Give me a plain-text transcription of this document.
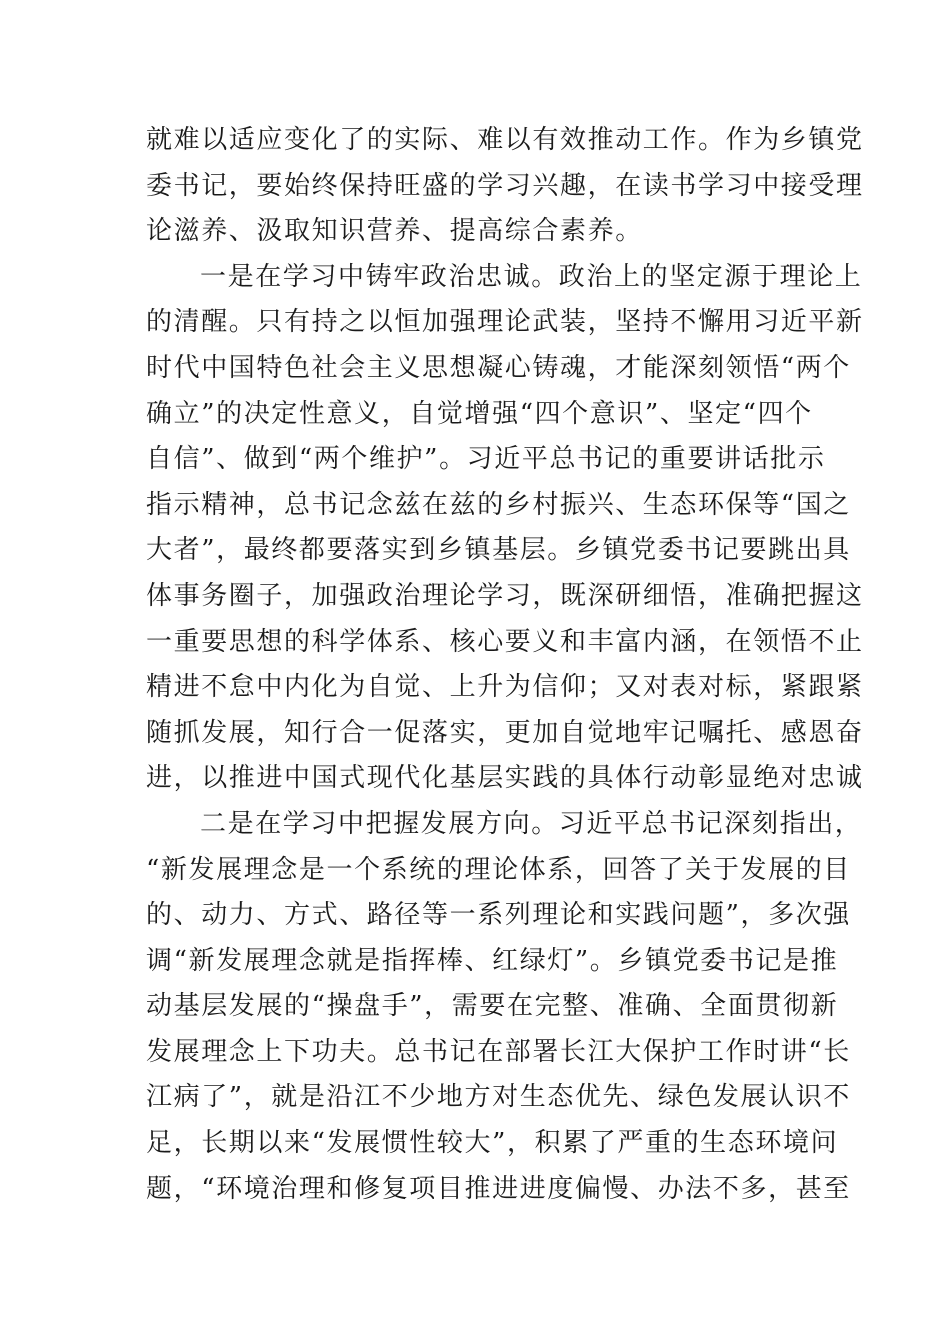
就难以适应变化了的实际、难以有效推动工作。作为乡镇党
委书记，要始终保持旺盛的学习兴趣，在读书学习中接受理
论滋养、汲取知识营养、提高综合素养。
一是在学习中铸牢政治忠诚。政治上的坚定源于理论上
的清醒。只有持之以恒加强理论武装，坚持不懈用习近平新
时代中国特色社会主义思想凝心铸魂，才能深刻领悟“两个
确立”的决定性意义，自觉增强“四个意识”、坚定“四个
自信”、做到“两个维护”。习近平总书记的重要讲话批示
指示精神，总书记念兹在兹的乡村振兴、生态环保等“国之
大者”，最终都要落实到乡镇基层。乡镇党委书记要跳出具
体事务圈子，加强政治理论学习，既深研细悟，准确把握这
一重要思想的科学体系、核心要义和丰富内涵，在领悟不止
精进不怠中内化为自觉、上升为信仰；又对表对标，紧跟紧
随抓发展，知行合一促落实，更加自觉地牢记嘱托、感恩奋
进，以推进中国式现代化基层实践的具体行动彰显绝对忠诚
二是在学习中把握发展方向。习近平总书记深刻指出，
“新发展理念是一个系统的理论体系，回答了关于发展的目
的、动力、方式、路径等一系列理论和实践问题”，多次强
调“新发展理念就是指挥棒、红绿灯”。乡镇党委书记是推
动基层发展的“操盘手”，需要在完整、准确、全面贯彻新
发展理念上下功夫。总书记在部署长江大保护工作时讲“长
江病了”，就是沿江不少地方对生态优先、绿色发展认识不
足，长期以来“发展惯性较大”，积累了严重的生态环境问
题，“环境治理和修复项目推进进度偏慢、办法不多，甚至
